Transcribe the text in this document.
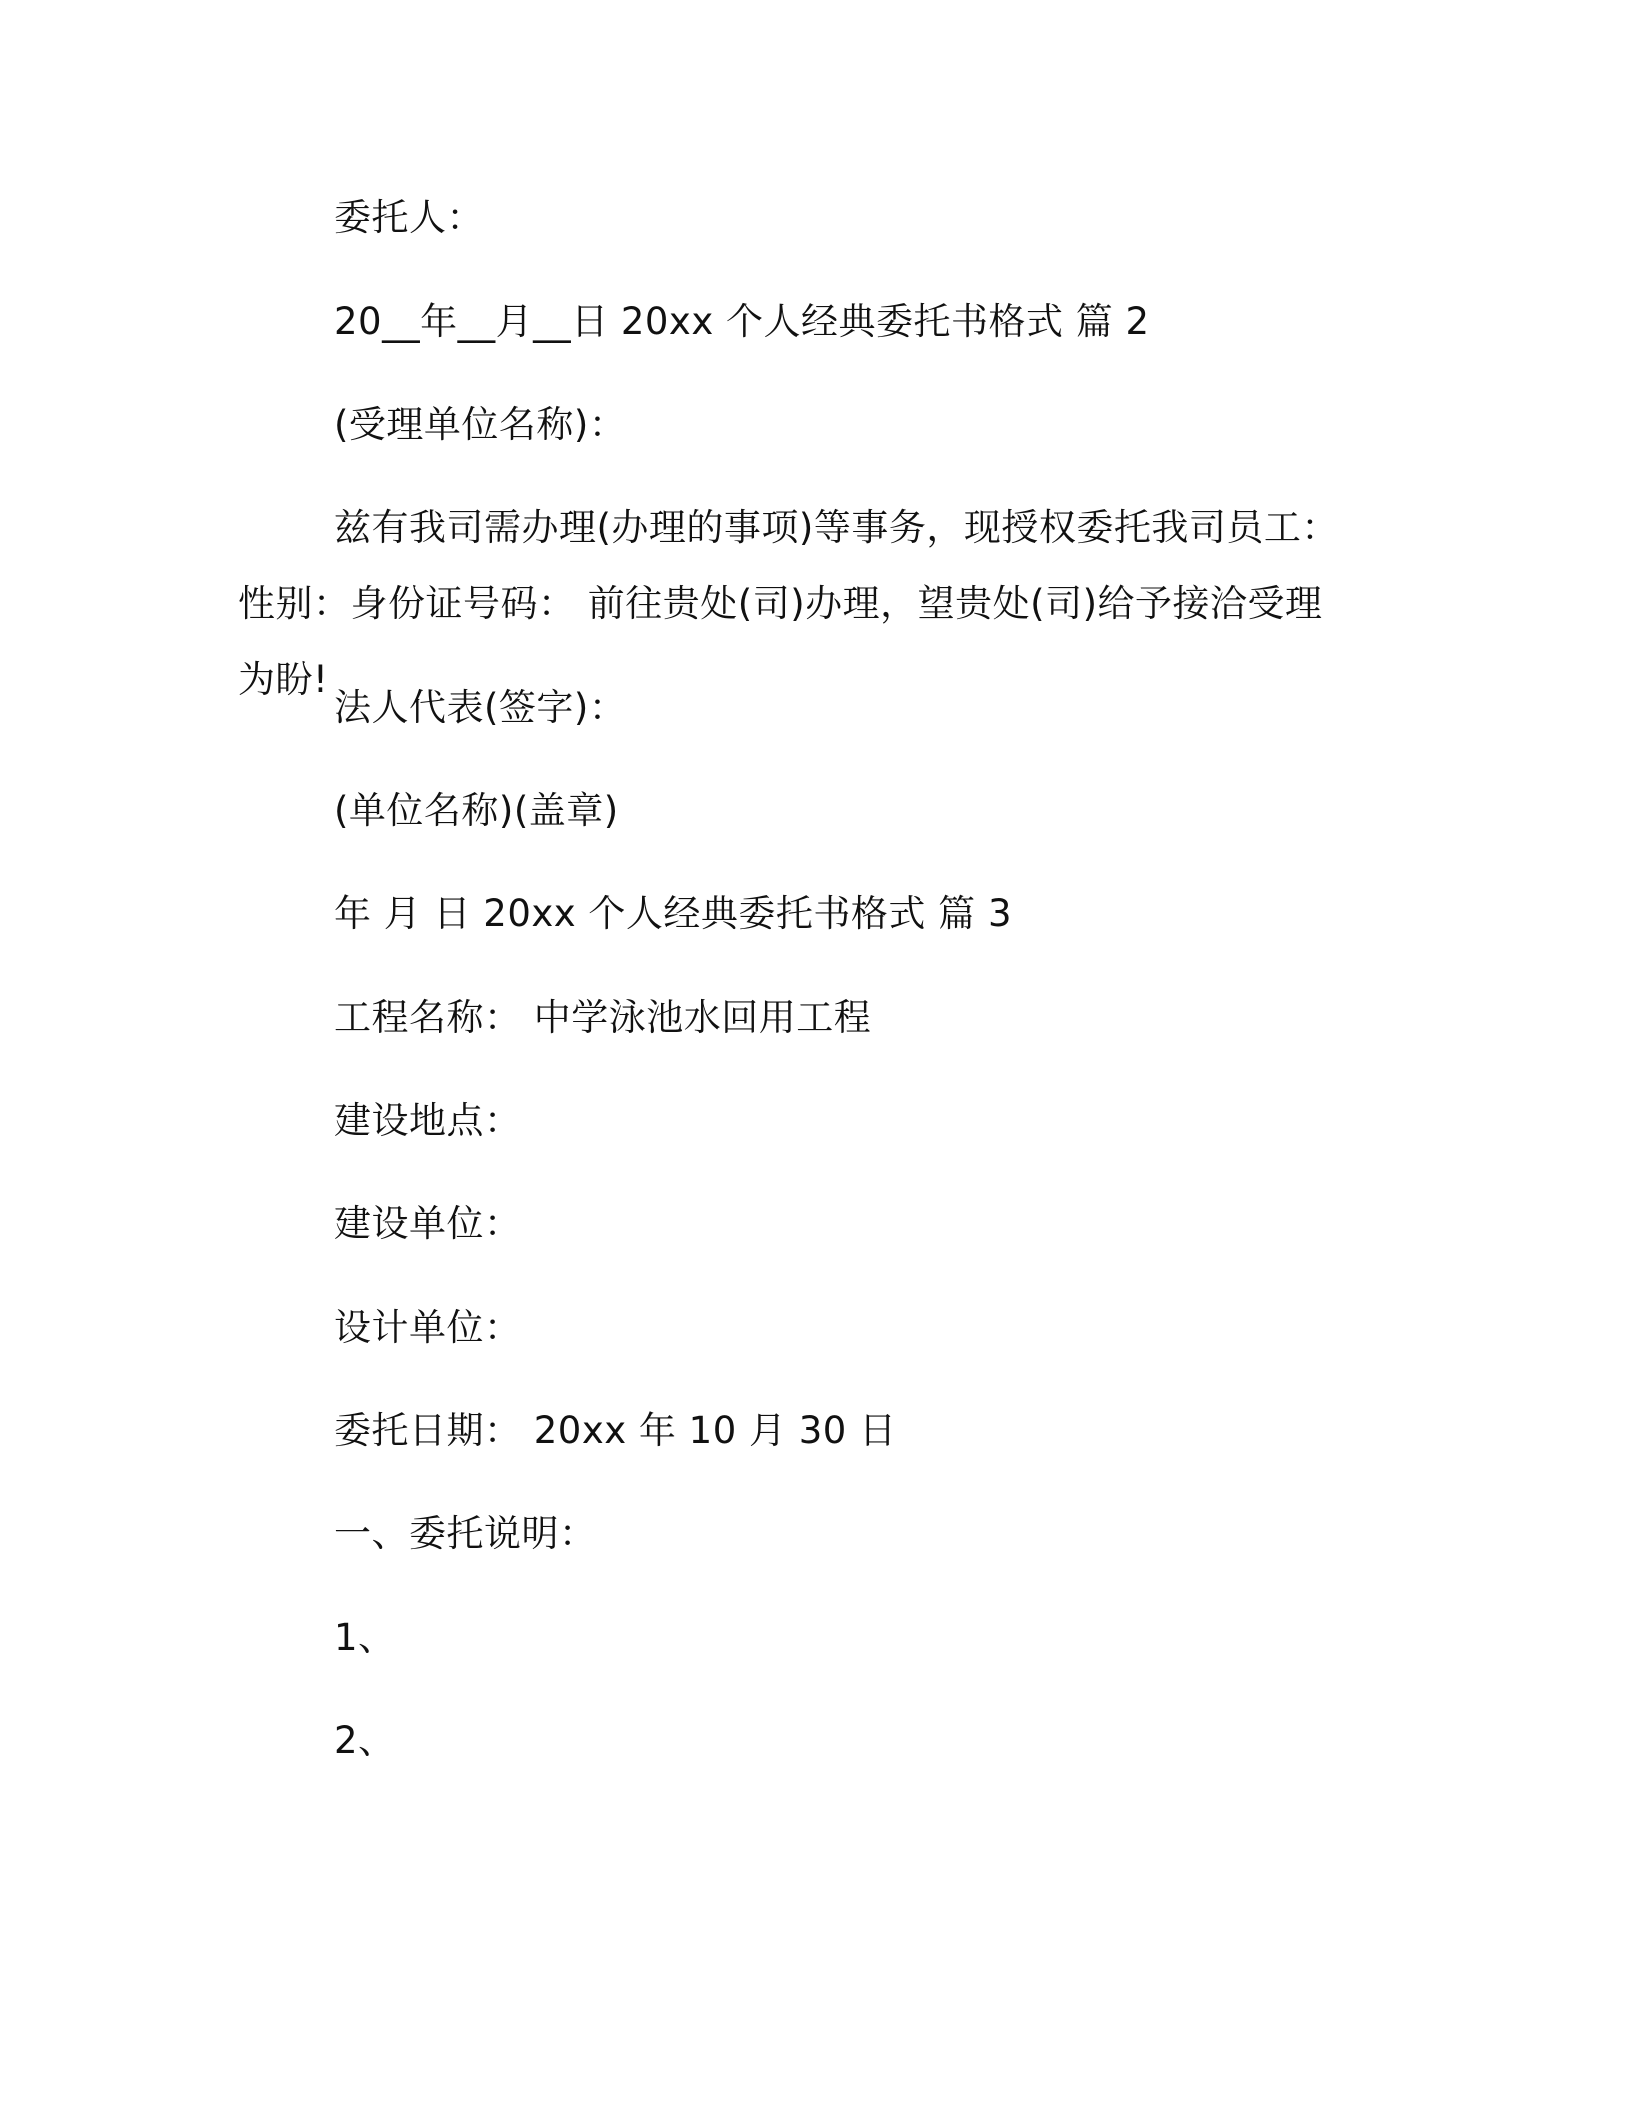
委托人：

20__年__月__日 20xx 个人经典委托书格式 篇 2

(受理单位名称)：

兹有我司需办理(办理的事项)等事务，现授权委托我司员工：性别：身份证号码： 前往贵处(司)办理，望贵处(司)给予接洽受理为盼!

法人代表(签字)：

(单位名称)(盖章)

年 月 日 20xx 个人经典委托书格式 篇 3

工程名称： 中学泳池水回用工程

建设地点：

建设单位：

设计单位：

委托日期： 20xx 年 10 月 30 日

一、委托说明：

1、

2、
